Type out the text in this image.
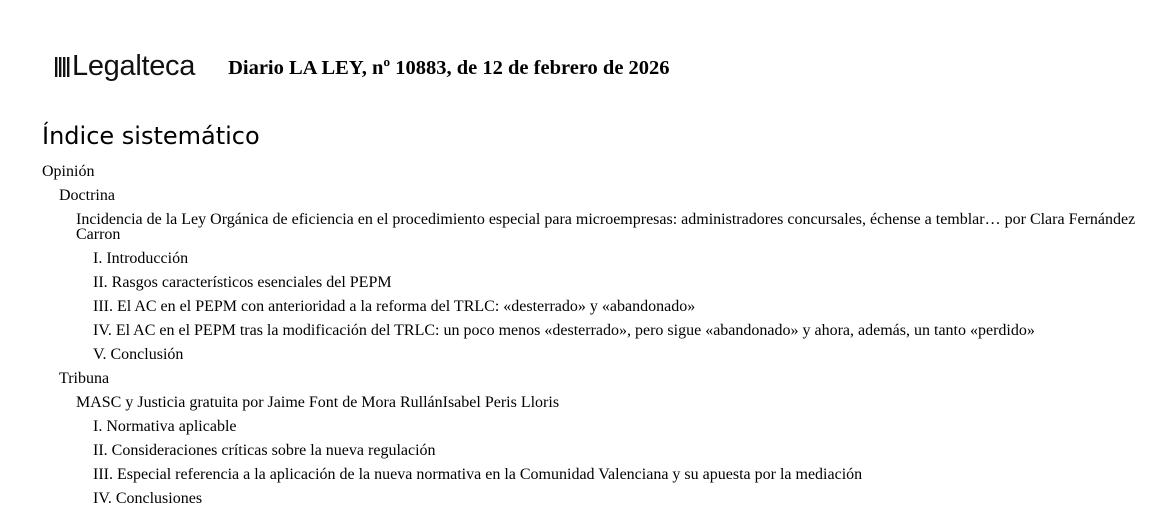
Legalteca Diario LA LEY, nº 10883, de 12 de febrero de 2026
Índice sistemático
Opinión
Doctrina
Incidencia de la Ley Orgánica de eficiencia en el procedimiento especial para microempresas: administradores concursales, échense a temblar… por Clara Fernández Carron
I. Introducción
II. Rasgos característicos esenciales del PEPM
III. El AC en el PEPM con anterioridad a la reforma del TRLC: «desterrado» y «abandonado»
IV. El AC en el PEPM tras la modificación del TRLC: un poco menos «desterrado», pero sigue «abandonado» y ahora, además, un tanto «perdido»
V. Conclusión
Tribuna
MASC y Justicia gratuita por Jaime Font de Mora RullánIsabel Peris Lloris
I. Normativa aplicable
II. Consideraciones críticas sobre la nueva regulación
III. Especial referencia a la aplicación de la nueva normativa en la Comunidad Valenciana y su apuesta por la mediación
IV. Conclusiones
